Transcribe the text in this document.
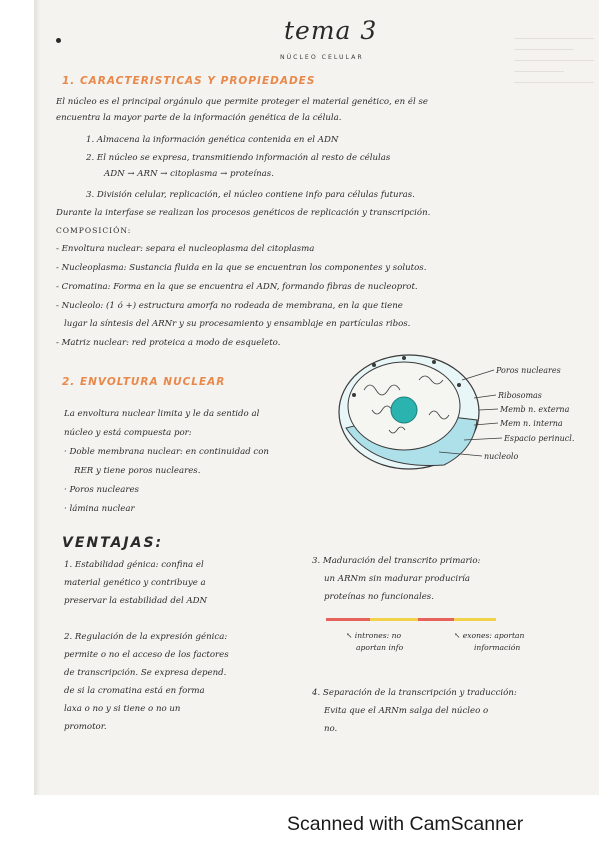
tema 3
NÚCLEO CELULAR
1. CARACTERISTICAS Y PROPIEDADES
El núcleo es el principal orgánulo que permite proteger el material genético, en él se
encuentra la mayor parte de la información genética de la célula.
1. Almacena la información genética contenida en el ADN
2. El núcleo se expresa, transmitiendo información al resto de células
ADN → ARN → citoplasma → proteínas.
3. División celular, replicación, el núcleo contiene info para células futuras.
Durante la interfase se realizan los procesos genéticos de replicación y transcripción.
COMPOSICIÓN:
- Envoltura nuclear: separa el nucleoplasma del citoplasma
- Nucleoplasma: Sustancia fluida en la que se encuentran los componentes y solutos.
- Cromatina: Forma en la que se encuentra el ADN, formando fibras de nucleoprot.
- Nucleolo: (1 ó +) estructura amorfa no rodeada de membrana, en la que tiene
lugar la síntesis del ARNr y su procesamiento y ensamblaje en partículas ribos.
- Matriz nuclear: red proteica a modo de esqueleto.
2. ENVOLTURA NUCLEAR
La envoltura nuclear limita y le da sentido al
núcleo y está compuesta por:
· Doble membrana nuclear: en continuidad con
RER y tiene poros nucleares.
· Poros nucleares
· lámina nuclear
Poros nucleares
Ribosomas
Memb n. externa
Mem n. interna
Espacio perinucl.
nucleolo
VENTAJAS:
1. Estabilidad génica: confina el
material genético y contribuye a
preservar la estabilidad del ADN
2. Regulación de la expresión génica:
permite o no el acceso de los factores
de transcripción. Se expresa depend.
de si la cromatina está en forma
laxa o no y si tiene o no un
promotor.
3. Maduración del transcrito primario:
un ARNm sin madurar produciría
proteínas no funcionales.
↖ intrones: no
aportan info
↖ exones: aportan
información
4. Separación de la transcripción y traducción:
Evita que el ARNm salga del núcleo o
no.
Scanned with CamScanner
